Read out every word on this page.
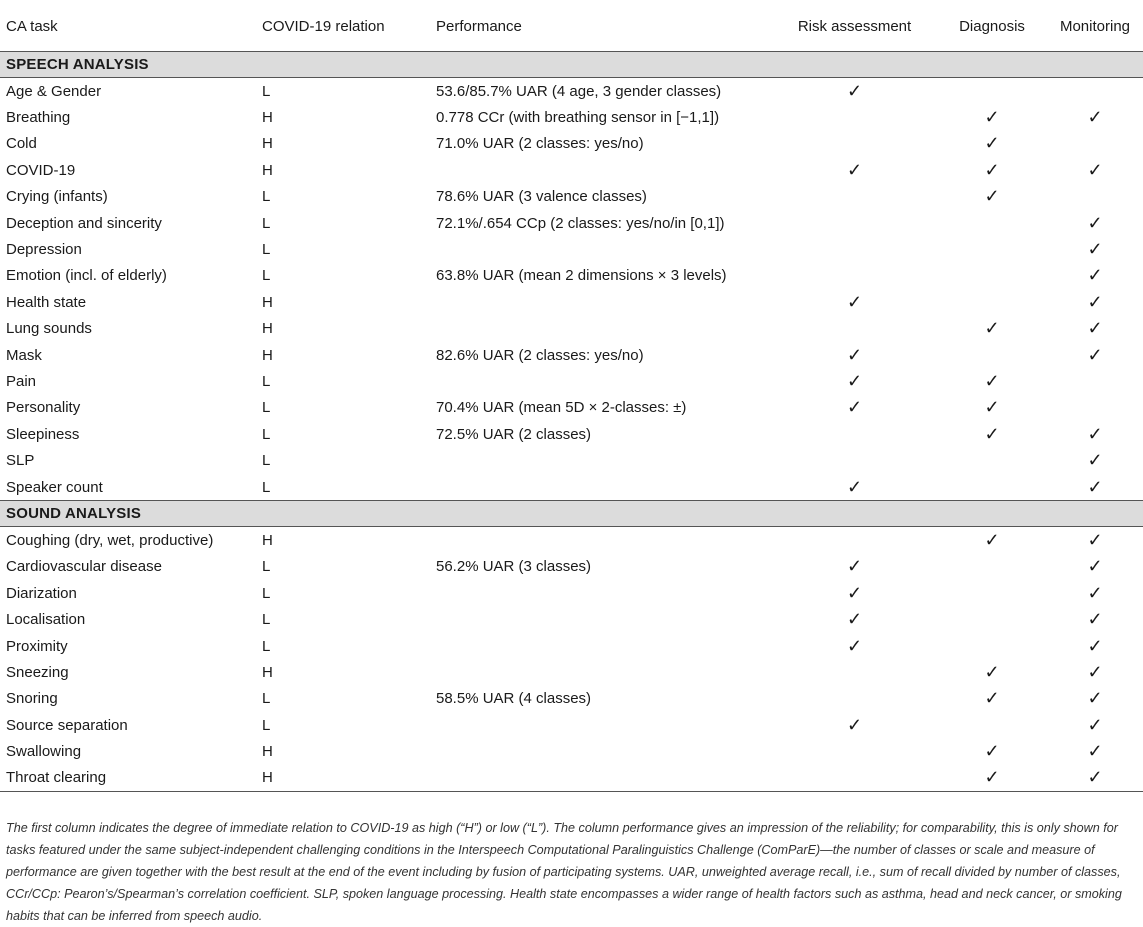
CA task	COVID-19 relation	Performance	Risk assessment	Diagnosis	Monitoring
SPEECH ANALYSIS					
Age & Gender	L	53.6/85.7% UAR (4 age, 3 gender classes)	✓		
Breathing	H	0.778 CCr (with breathing sensor in [−1,1])		✓	✓
Cold	H	71.0% UAR (2 classes: yes/no)		✓	
COVID-19	H		✓	✓	✓
Crying (infants)	L	78.6% UAR (3 valence classes)		✓	
Deception and sincerity	L	72.1%/.654 CCp (2 classes: yes/no/in [0,1])			✓
Depression	L				✓
Emotion (incl. of elderly)	L	63.8% UAR (mean 2 dimensions × 3 levels)			✓
Health state	H		✓		✓
Lung sounds	H			✓	✓
Mask	H	82.6% UAR (2 classes: yes/no)	✓		✓
Pain	L		✓	✓	
Personality	L	70.4% UAR (mean 5D × 2-classes: ±)	✓	✓	
Sleepiness	L	72.5% UAR (2 classes)		✓	✓
SLP	L				✓
Speaker count	L		✓		✓
SOUND ANALYSIS					
Coughing (dry, wet, productive)	H			✓	✓
Cardiovascular disease	L	56.2% UAR (3 classes)	✓		✓
Diarization	L		✓		✓
Localisation	L		✓		✓
Proximity	L		✓		✓
Sneezing	H			✓	✓
Snoring	L	58.5% UAR (4 classes)		✓	✓
Source separation	L		✓		✓
Swallowing	H			✓	✓
Throat clearing	H			✓	✓

The first column indicates the degree of immediate relation to COVID-19 as high (“H”) or low (“L”). The column performance gives an impression of the reliability; for comparability, this is only shown for tasks featured under the same subject-independent challenging conditions in the Interspeech Computational Paralinguistics Challenge (ComParE)—the number of classes or scale and measure of performance are given together with the best result at the end of the event including by fusion of participating systems. UAR, unweighted average recall, i.e., sum of recall divided by number of classes, CCr/CCp: Pearon’s/Spearman’s correlation coefficient. SLP, spoken language processing. Health state encompasses a wider range of health factors such as asthma, head and neck cancer, or smoking habits that can be inferred from speech audio.
